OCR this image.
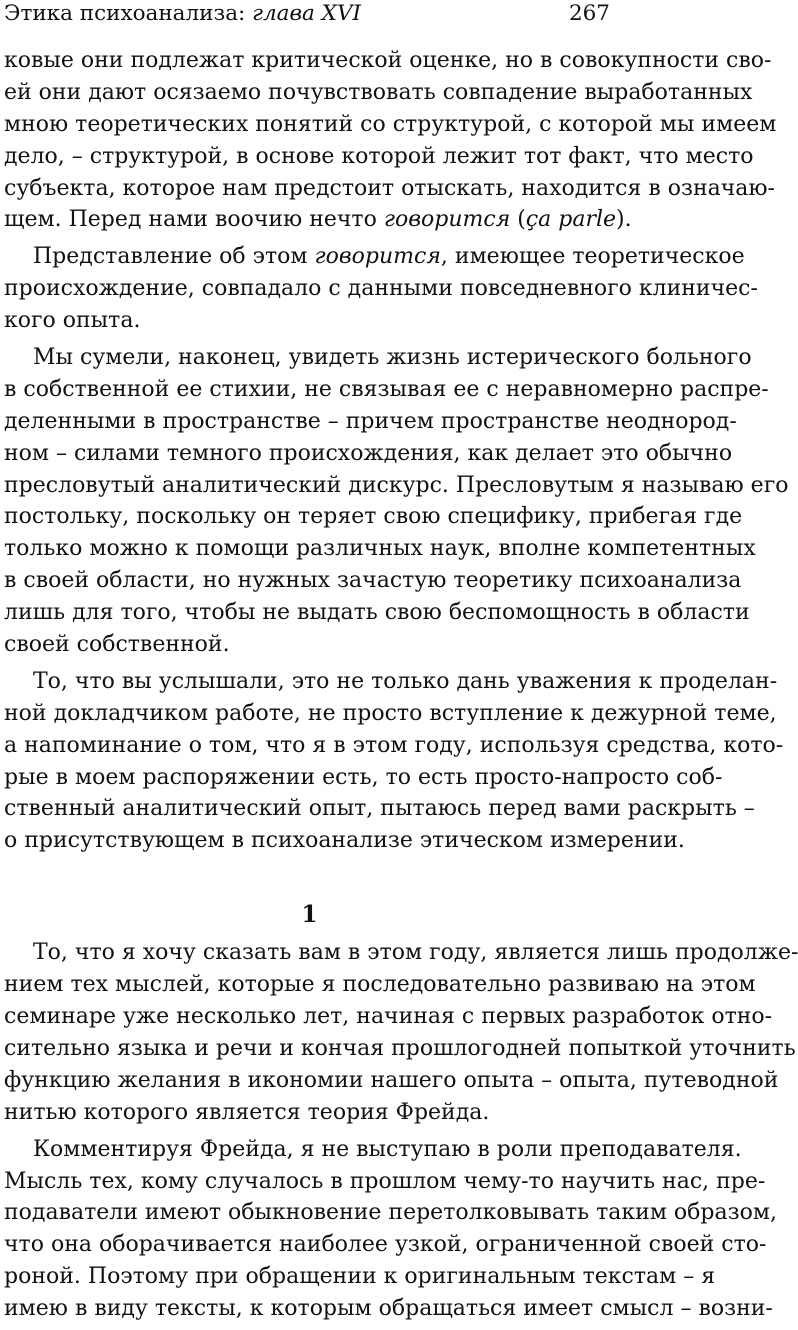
Этика психоанализа: глава XVI	267
ковые они подлежат критической оценке, но в совокупности сво-
ей они дают осязаемо почувствовать совпадение выработанных
мною теоретических понятий со структурой, с которой мы имеем
дело, – структурой, в основе которой лежит тот факт, что место
субъекта, которое нам предстоит отыскать, находится в означаю-
щем. Перед нами воочию нечто говорится (ça parle).
Представление об этом говорится, имеющее теоретическое
происхождение, совпадало с данными повседневного клиничес-
кого опыта.
Мы сумели, наконец, увидеть жизнь истерического больного
в собственной ее стихии, не связывая ее с неравномерно распре-
деленными в пространстве – причем пространстве неоднород-
ном – силами темного происхождения, как делает это обычно
пресловутый аналитический дискурс. Пресловутым я называю его
постольку, поскольку он теряет свою специфику, прибегая где
только можно к помощи различных наук, вполне компетентных
в своей области, но нужных зачастую теоретику психоанализа
лишь для того, чтобы не выдать свою беспомощность в области
своей собственной.
То, что вы услышали, это не только дань уважения к проделан-
ной докладчиком работе, не просто вступление к дежурной теме,
а напоминание о том, что я в этом году, используя средства, кото-
рые в моем распоряжении есть, то есть просто-напросто соб-
ственный аналитический опыт, пытаюсь перед вами раскрыть –
о присутствующем в психоанализе этическом измерении.
1
То, что я хочу сказать вам в этом году, является лишь продолже-
нием тех мыслей, которые я последовательно развиваю на этом
семинаре уже несколько лет, начиная с первых разработок отно-
сительно языка и речи и кончая прошлогодней попыткой уточнить
функцию желания в икономии нашего опыта – опыта, путеводной
нитью которого является теория Фрейда.
Комментируя Фрейда, я не выступаю в роли преподавателя.
Мысль тех, кому случалось в прошлом чему-то научить нас, пре-
подаватели имеют обыкновение перетолковывать таким образом,
что она оборачивается наиболее узкой, ограниченной своей сто-
роной. Поэтому при обращении к оригинальным текстам – я
имею в виду тексты, к которым обращаться имеет смысл – возни-
